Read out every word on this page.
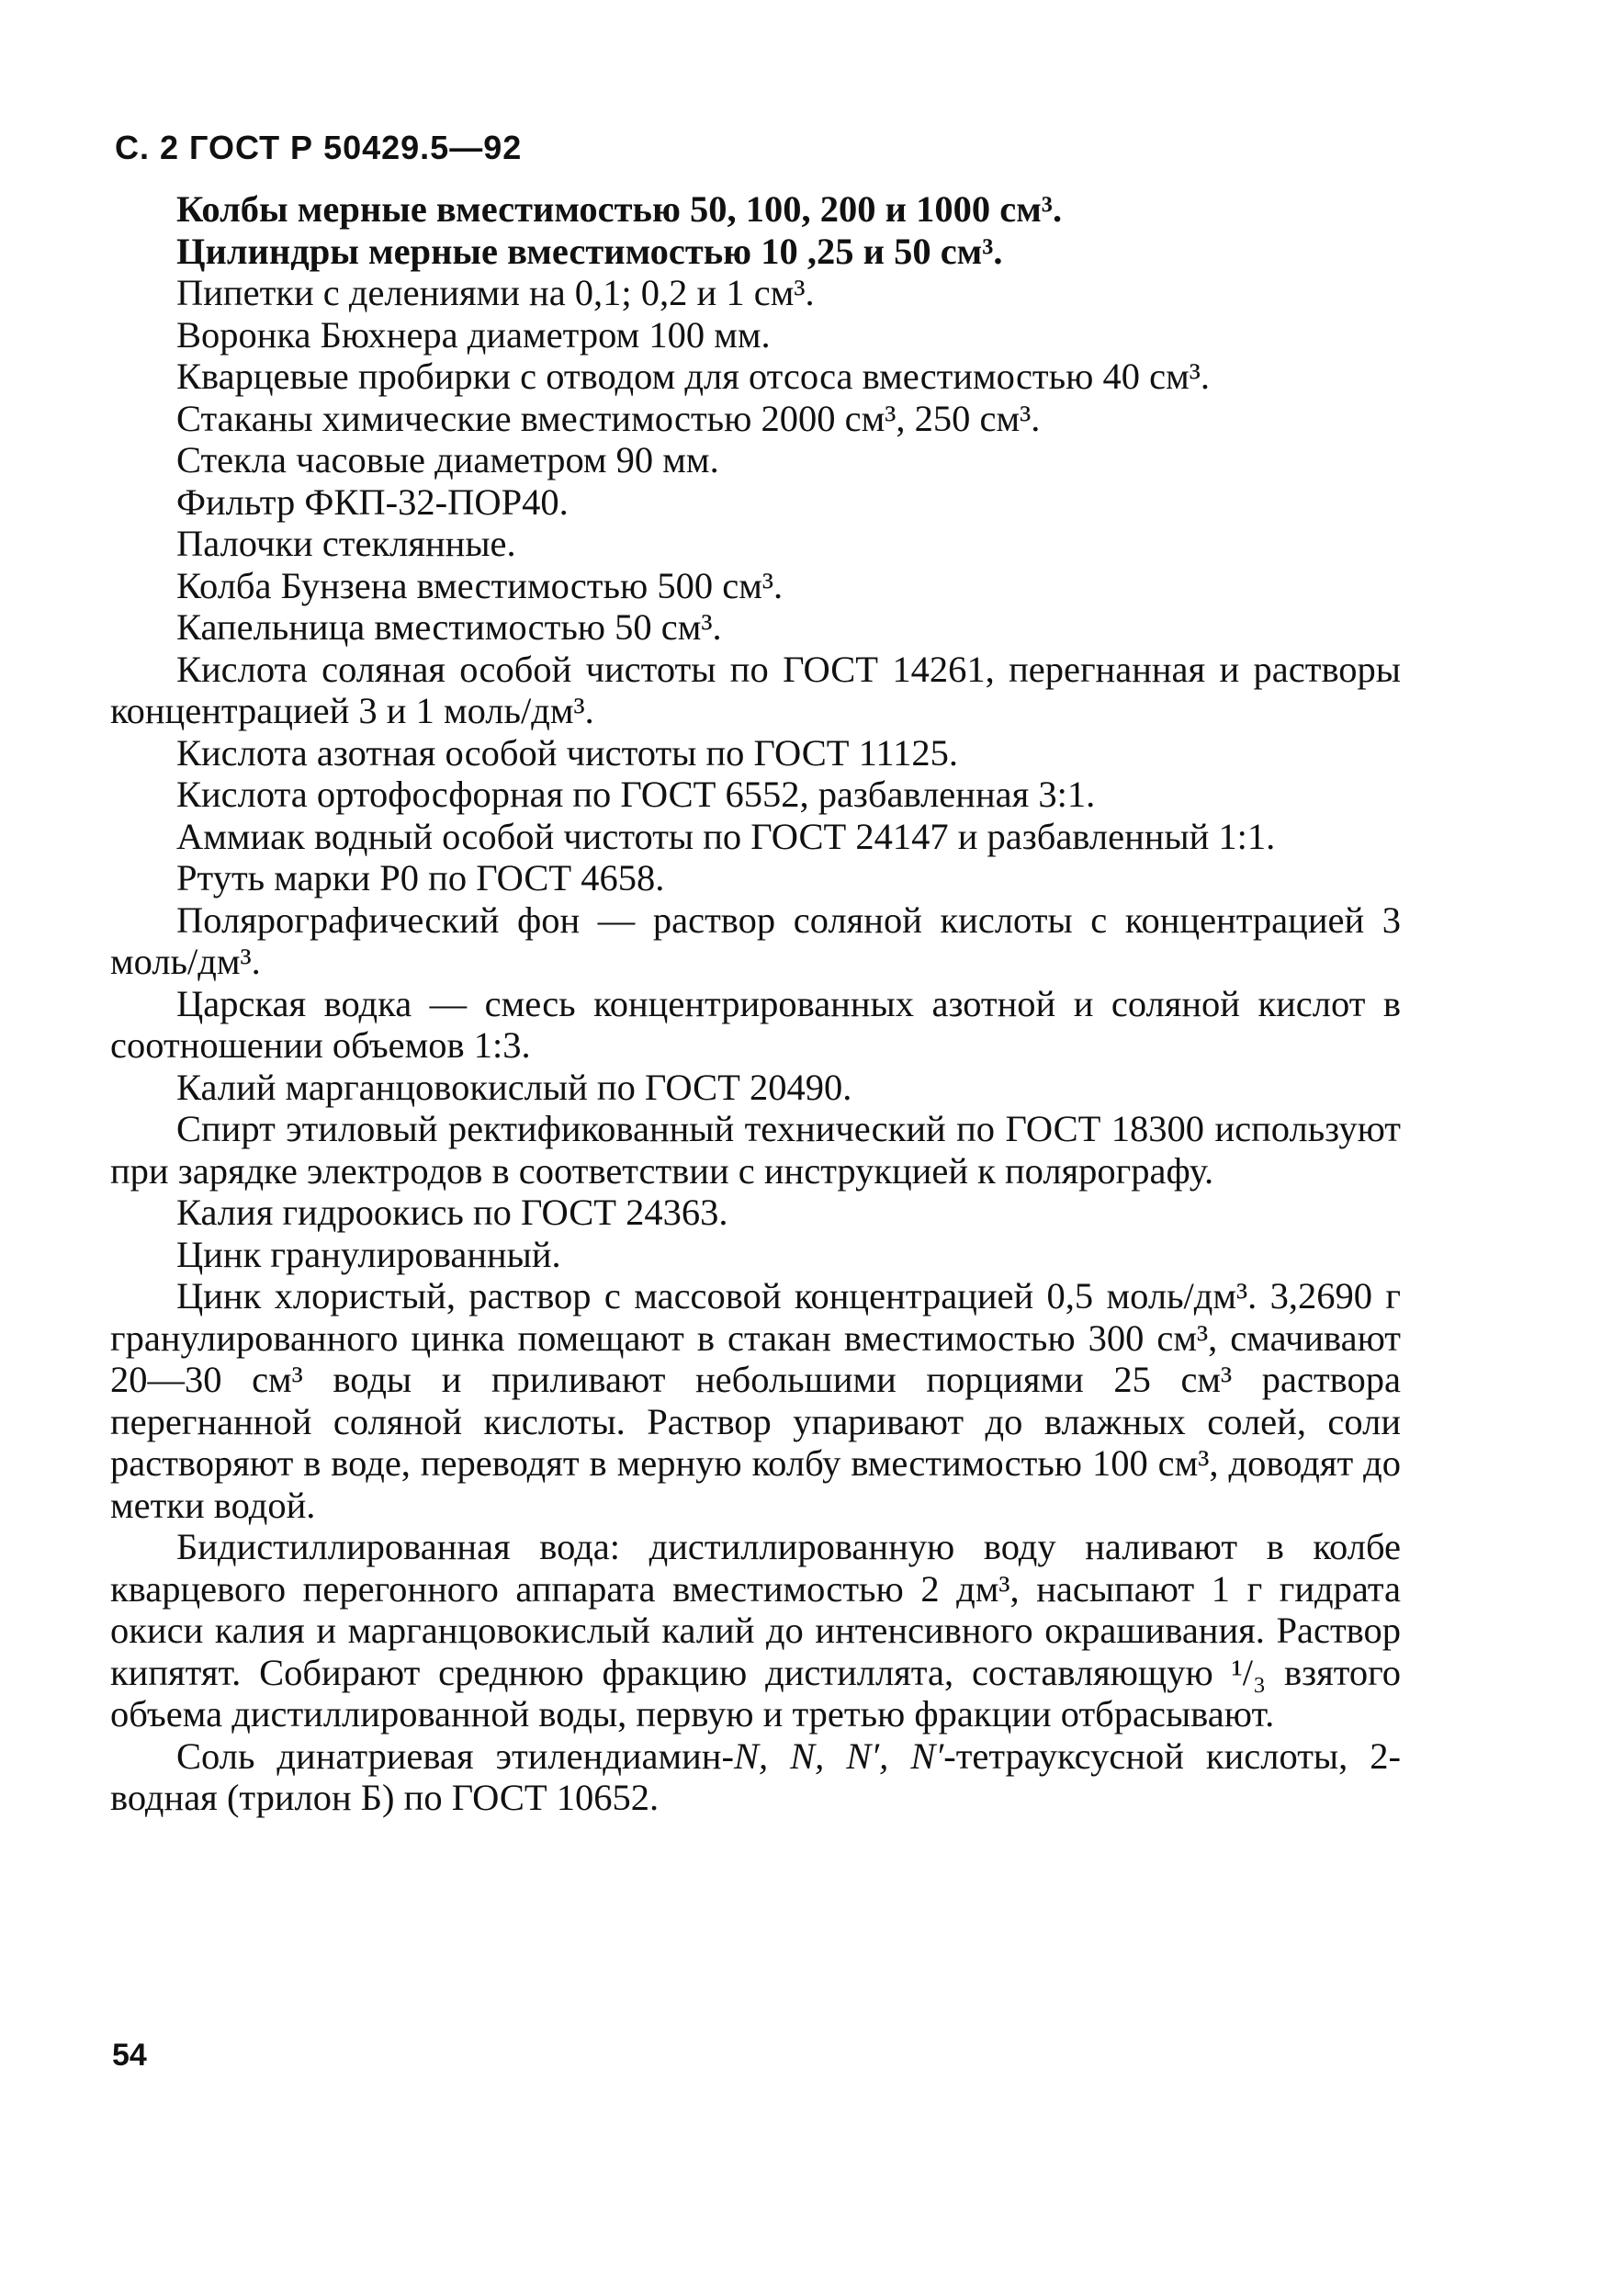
С. 2 ГОСТ Р 50429.5—92

Колбы мерные вместимостью 50, 100, 200 и 1000 см³.

Цилиндры мерные вместимостью 10 ,25 и 50 см³.

Пипетки с делениями на 0,1; 0,2 и 1 см³.

Воронка Бюхнера диаметром 100 мм.

Кварцевые пробирки с отводом для отсоса вместимостью 40 см³.

Стаканы химические вместимостью 2000 см³, 250 см³.

Стекла часовые диаметром 90 мм.

Фильтр ФКП-32-ПОР40.

Палочки стеклянные.

Колба Бунзена вместимостью 500 см³.

Капельница вместимостью 50 см³.

Кислота соляная особой чистоты по ГОСТ 14261, перегнанная и растворы концентрацией 3 и 1 моль/дм³.

Кислота азотная особой чистоты по ГОСТ 11125.

Кислота ортофосфорная по ГОСТ 6552, разбавленная 3:1.

Аммиак водный особой чистоты по ГОСТ 24147 и разбавленный 1:1.

Ртуть марки Р0 по ГОСТ 4658.

Полярографический фон — раствор соляной кислоты с концентрацией 3 моль/дм³.

Царская водка — смесь концентрированных азотной и соляной кислот в соотношении объемов 1:3.

Калий марганцовокислый по ГОСТ 20490.

Спирт этиловый ректификованный технический по ГОСТ 18300 используют при зарядке электродов в соответствии с инструкцией к полярографу.

Калия гидроокись по ГОСТ 24363.

Цинк гранулированный.

Цинк хлористый, раствор с массовой концентрацией 0,5 моль/дм³. 3,2690 г гранулированного цинка помещают в стакан вместимостью 300 см³, смачивают 20—30 см³ воды и приливают небольшими порциями 25 см³ раствора перегнанной соляной кислоты. Раствор упаривают до влажных солей, соли растворяют в воде, переводят в мерную колбу вместимостью 100 см³, доводят до метки водой.

Бидистиллированная вода: дистиллированную воду наливают в колбе кварцевого перегонного аппарата вместимостью 2 дм³, насыпают 1 г гидрата окиси калия и марганцовокислый калий до интенсивного окрашивания. Раствор кипятят. Собирают среднюю фракцию дистиллята, составляющую ¹/₃ взятого объема дистиллированной воды, первую и третью фракции отбрасывают.

Соль динатриевая этилендиамин-N, N, N′, N′-тетрауксусной кислоты, 2-водная (трилон Б) по ГОСТ 10652.

54
